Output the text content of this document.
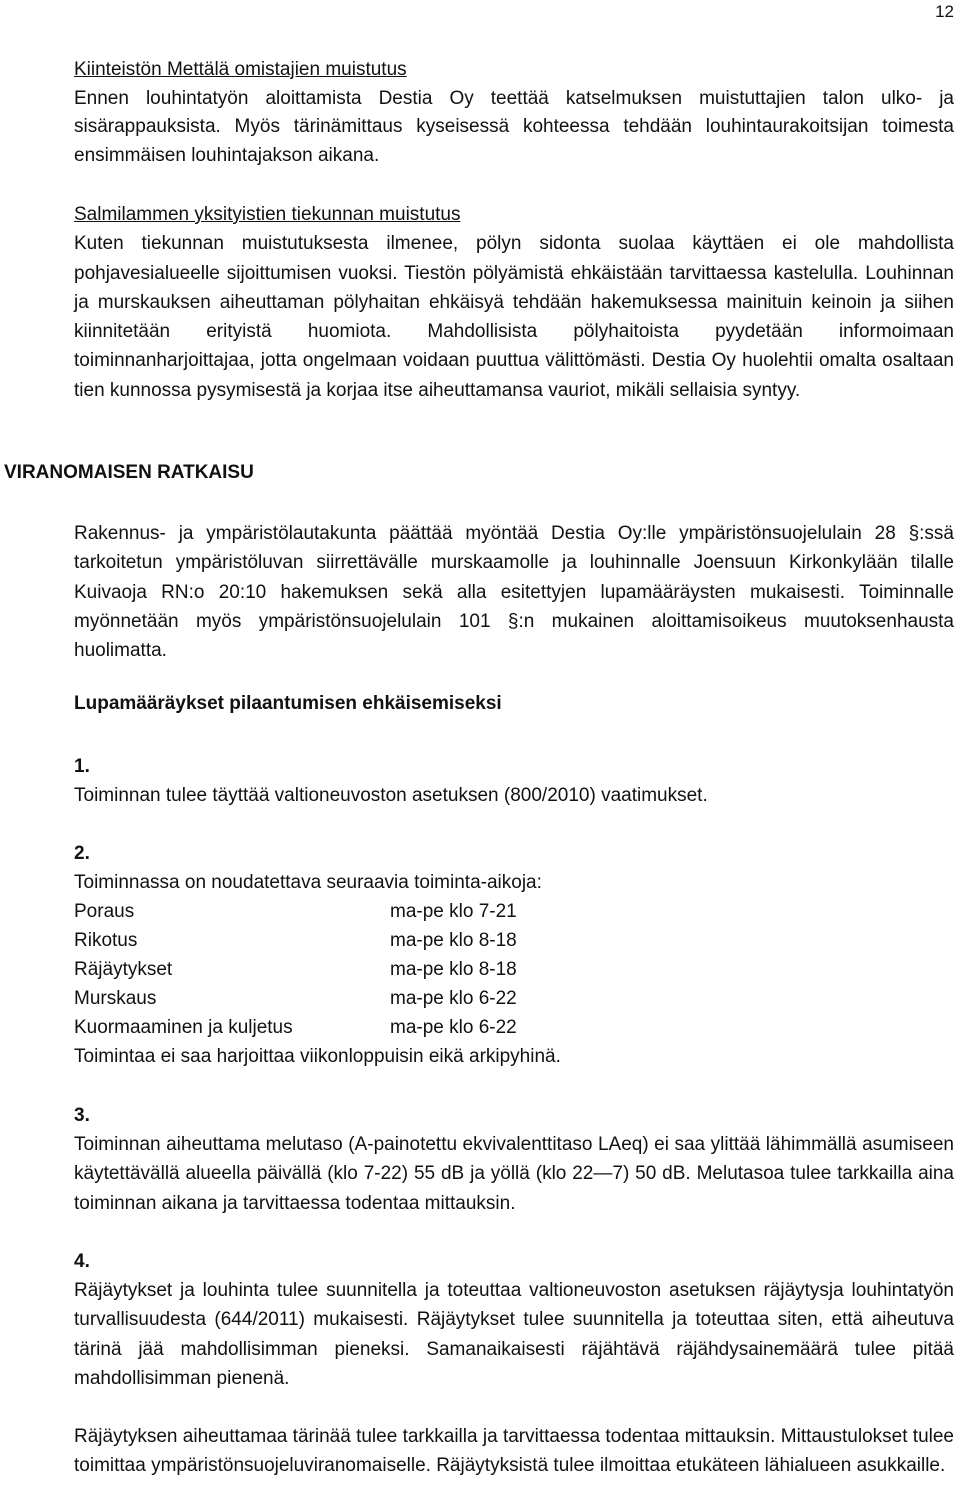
12
Kiinteistön Mettälä omistajien muistutus
Ennen louhintatyön aloittamista Destia Oy teettää katselmuksen muistuttajien talon ulko- ja sisärappauksista. Myös tärinämittaus kyseisessä kohteessa tehdään louhintaurakoitsijan toimesta ensimmäisen louhintajakson aikana.
Salmilammen yksityistien tiekunnan muistutus
Kuten tiekunnan muistutuksesta ilmenee, pölyn sidonta suolaa käyttäen ei ole mahdollista pohjavesialueelle sijoittumisen vuoksi. Tiestön pölyämistä ehkäistään tarvittaessa kastelulla. Louhinnan ja murskauksen aiheuttaman pölyhaitan ehkäisyä tehdään hakemuksessa mainituin keinoin ja siihen kiinnitetään erityistä huomiota. Mahdollisista pölyhaitoista pyydetään informoimaan toiminnanharjoittajaa, jotta ongelmaan voidaan puuttua välittömästi. Destia Oy huolehtii omalta osaltaan tien kunnossa pysymisestä ja korjaa itse aiheuttamansa vauriot, mikäli sellaisia syntyy.
VIRANOMAISEN RATKAISU
Rakennus- ja ympäristölautakunta päättää myöntää Destia Oy:lle ympäristönsuojelulain 28 §:ssä tarkoitetun ympäristöluvan siirrettävälle murskaamolle ja louhinnalle Joensuun Kirkonkylään tilalle Kuivaoja RN:o 20:10 hakemuksen sekä alla esitettyjen lupamääräysten mukaisesti. Toiminnalle myönnetään myös ympäristönsuojelulain 101 §:n mukainen aloittamisoikeus muutoksenhausta huolimatta.
Lupamääräykset pilaantumisen ehkäisemiseksi
1.
Toiminnan tulee täyttää valtioneuvoston asetuksen (800/2010) vaatimukset.
2.
Toiminnassa on noudatettava seuraavia toiminta-aikoja:
Poraus	ma-pe klo 7-21
Rikotus	ma-pe klo 8-18
Räjäytykset	ma-pe klo 8-18
Murskaus	ma-pe klo 6-22
Kuormaaminen ja kuljetus	ma-pe klo 6-22
Toimintaa ei saa harjoittaa viikonloppuisin eikä arkipyhinä.
3.
Toiminnan aiheuttama melutaso (A-painotettu ekvivalenttitaso LAeq) ei saa ylittää lähimmällä asumiseen käytettävällä alueella päivällä (klo 7-22) 55 dB ja yöllä (klo 22—7) 50 dB. Melutasoa tulee tarkkailla aina toiminnan aikana ja tarvittaessa todentaa mittauksin.
4.
Räjäytykset ja louhinta tulee suunnitella ja toteuttaa valtioneuvoston asetuksen räjäytysja louhintatyön turvallisuudesta (644/2011) mukaisesti. Räjäytykset tulee suunnitella ja toteuttaa siten, että aiheutuva tärinä jää mahdollisimman pieneksi. Samanaikaisesti räjähtävä räjähdysainemäärä tulee pitää mahdollisimman pienenä.
Räjäytyksen aiheuttamaa tärinää tulee tarkkailla ja tarvittaessa todentaa mittauksin. Mittaustulokset tulee toimittaa ympäristönsuojeluviranomaiselle. Räjäytyksistä tulee ilmoittaa etukäteen lähialueen asukkaille.
